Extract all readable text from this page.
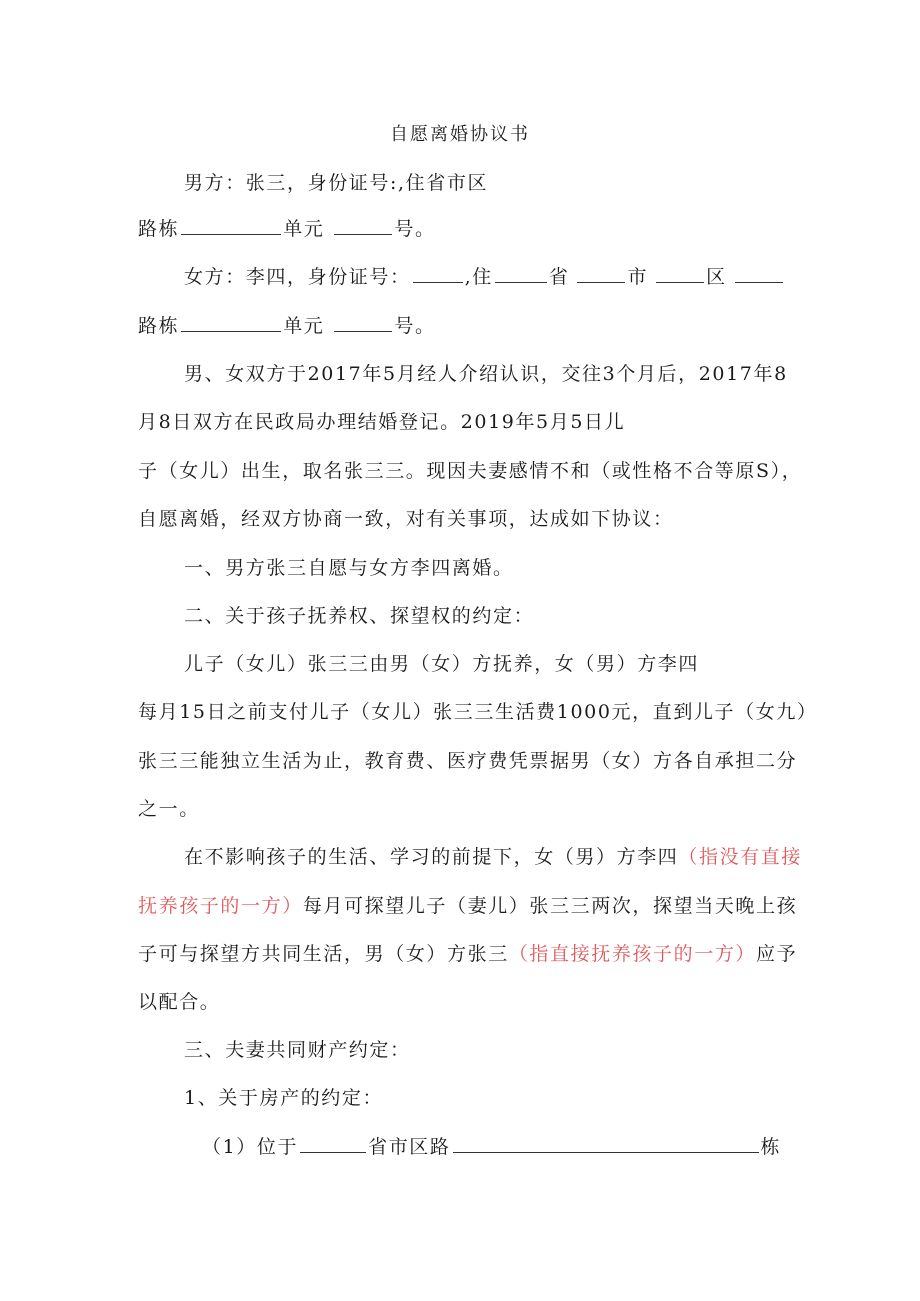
自愿离婚协议书
男方：张三，身份证号:,住省市区
路栋	单元	号。
女方：李四，身份证号：	,住	省	市	区
路栋	单元	号。
男、女双方于2017年5月经人介绍认识，交往3个月后，2017年8
月8日双方在民政局办理结婚登记。2019年5月5日儿
子（女儿）出生，取名张三三。现因夫妻感情不和（或性格不合等原S），
自愿离婚，经双方协商一致，对有关事项，达成如下协议：
一、男方张三自愿与女方李四离婚。
二、关于孩子抚养权、探望权的约定：
儿子（女儿）张三三由男（女）方抚养，女（男）方李四
每月15日之前支付儿子（女儿）张三三生活费1000元，直到儿子（女九）
张三三能独立生活为止，教育费、医疗费凭票据男（女）方各自承担二分
之一。
在不影响孩子的生活、学习的前提下，女（男）方李四（指没有直接
抚养孩子的一方）每月可探望儿子（妻儿）张三三两次，探望当天晚上孩
子可与探望方共同生活，男（女）方张三（指直接抚养孩子的一方）应予
以配合。
三、夫妻共同财产约定：
1、关于房产的约定：
（1）位于	省市区路	栋
